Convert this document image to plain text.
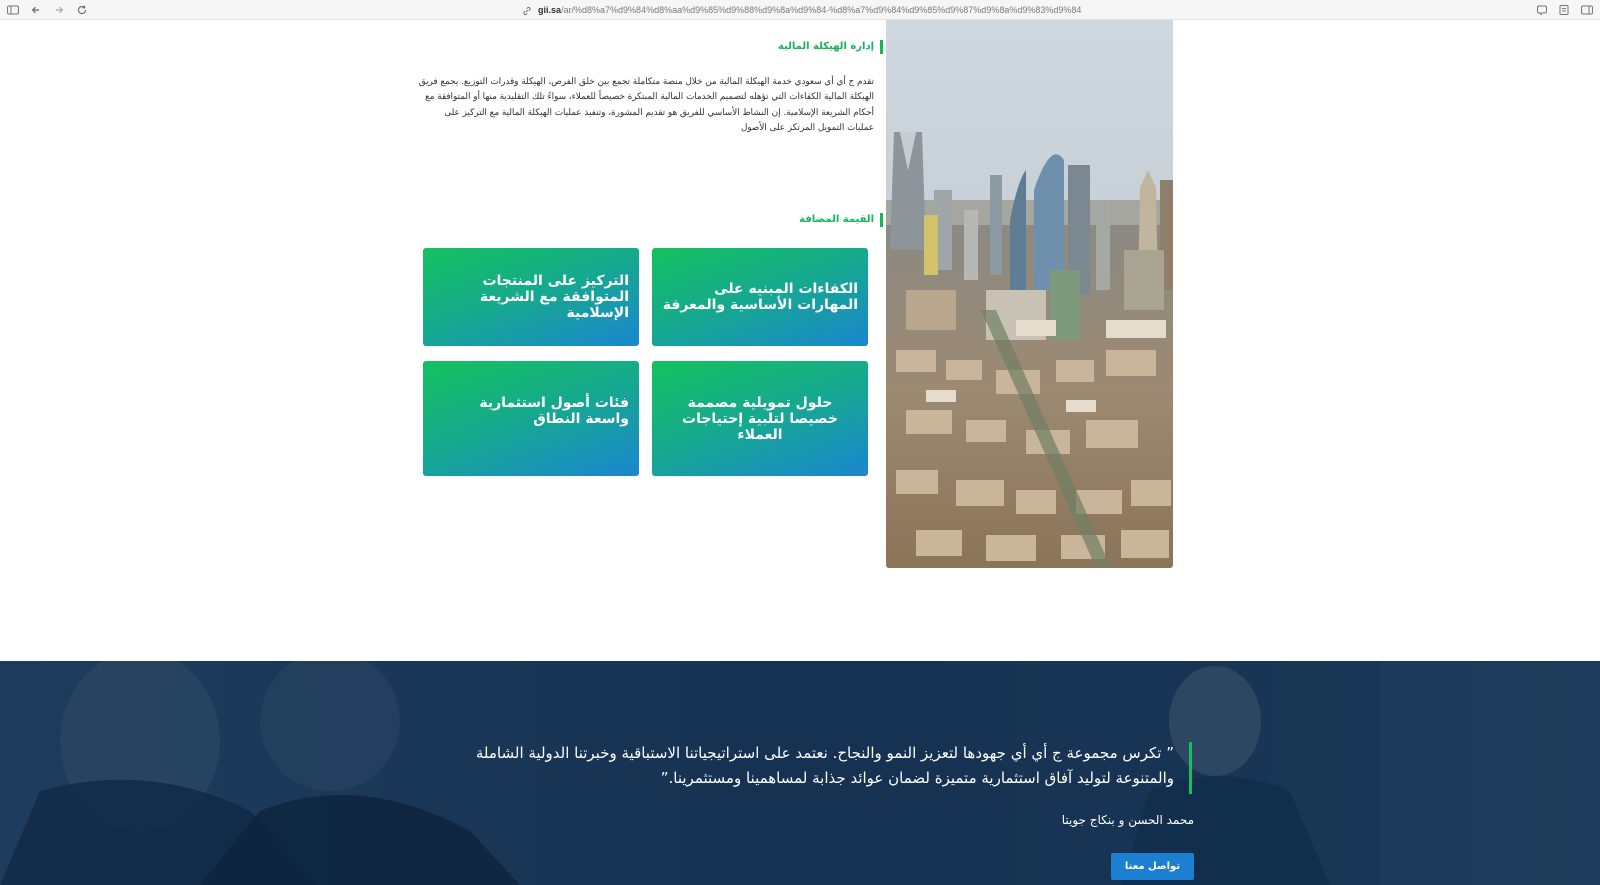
gii.sa/ar/%d8%a7%d9%84%d8%aa%d9%85%d9%88%d9%8a%d9%84-%d8%a7%d9%84%d9%85%d9%87%d9%8a%d9%83%d9%84
إدارة الهيكلة المالية

تقدم ج أي أي سعودي خدمة الهيكلة المالية من خلال منصة متكاملة تجمع بين خلق الفرص، الهيكلة وقدرات التوزيع. يجمع فريق الهيكلة المالية الكفاءات التي تؤهله لتصميم الخدمات المالية المبتكرة خصيصاً للعملاء، سواءً تلك التقليدية منها أو المتوافقة مع أحكام الشريعة الإسلامية. إن النشاط الأساسي للفريق هو تقديم المشورة، وتنفيذ عمليات الهيكلة المالية مع التركيز على عمليات التمويل المرتكز على الأصول

القيمة المضافة
الكفاءات المبنيه على المهارات الأساسية والمعرفة
التركيز على المنتجات المتوافقة مع الشريعة الإسلامية
حلول تمويلية مصممة خصيصا لتلبية إحتياجات العملاء
فئات أصول استثمارية واسعة النطاق

” تكرس مجموعة ج أي أي جهودها لتعزيز النمو والنجاح. نعتمد على استراتيجياتنا الاستباقية وخبرتنا الدولية الشاملة والمتنوعة لتوليد آفاق استثمارية متميزة لضمان عوائد جذابة لمساهمينا ومستثمرينا.”

محمد الحسن و بنكاج جويتا
تواصل معنا
